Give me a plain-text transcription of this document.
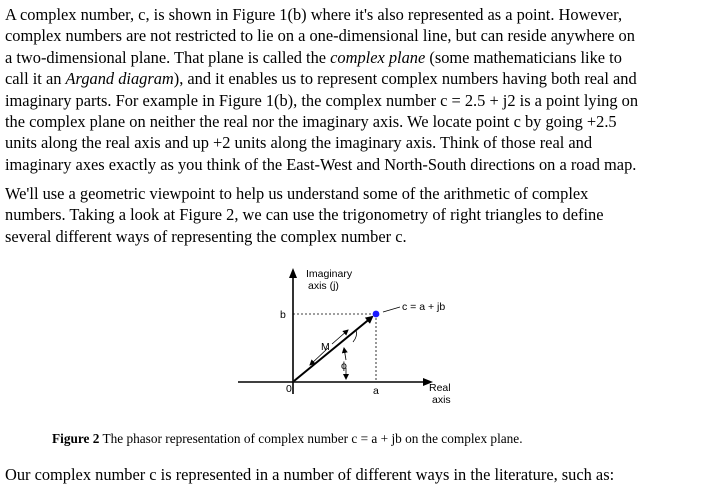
A complex number, c, is shown in Figure 1(b) where it's also represented as a point. However,
complex numbers are not restricted to lie on a one-dimensional line, but can reside anywhere on
a two-dimensional plane. That plane is called the complex plane (some mathematicians like to
call it an Argand diagram), and it enables us to represent complex numbers having both real and
imaginary parts. For example in Figure 1(b), the complex number c = 2.5 + j2 is a point lying on
the complex plane on neither the real nor the imaginary axis. We locate point c by going +2.5
units along the real axis and up +2 units along the imaginary axis. Think of those real and
imaginary axes exactly as you think of the East-West and North-South directions on a road map.

We'll use a geometric viewpoint to help us understand some of the arithmetic of complex
numbers. Taking a look at Figure 2, we can use the trigonometry of right triangles to define
several different ways of representing the complex number c.

Imaginary
axis (j)
c = a + jb
b
0	a
M
ϕ
Real
axis
Figure 2 The phasor representation of complex number c = a + jb on the complex plane.

Our complex number c is represented in a number of different ways in the literature, such as:
